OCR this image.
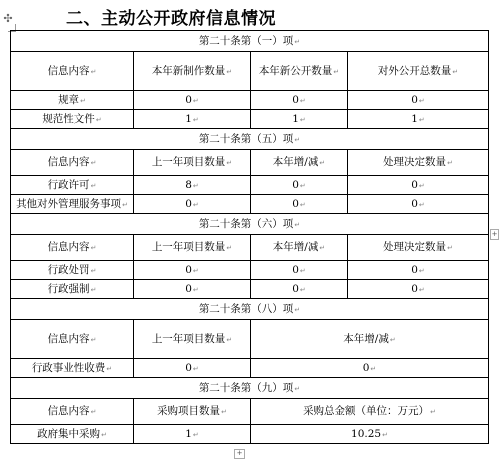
二、主动公开政府信息情况
✣
第二十条第（一）项↵			
信息内容↵	本年新制作数量↵	本年新公开数量↵	对外公开总数量↵
规章↵	0↵	0↵	0↵
规范性文件↵	1↵	1↵	1↵
第二十条第（五）项↵			
信息内容↵	上一年项目数量↵	本年增/减↵	处理决定数量↵
行政许可↵	8↵	0↵	0↵
其他对外管理服务事项↵	0↵	0↵	0↵
第二十条第（六）项↵			
信息内容↵	上一年项目数量↵	本年增/减↵	处理决定数量↵
行政处罚↵	0↵	0↵	0↵
行政强制↵	0↵	0↵	0↵
第二十条第（八）项↵			
信息内容↵	上一年项目数量↵	本年增/减↵	
行政事业性收费↵	0↵	0↵	
第二十条第（九）项↵			
信息内容↵	采购项目数量↵	采购总金额（单位：万元）↵	
政府集中采购↵	1↵	10.25↵	
+
+
